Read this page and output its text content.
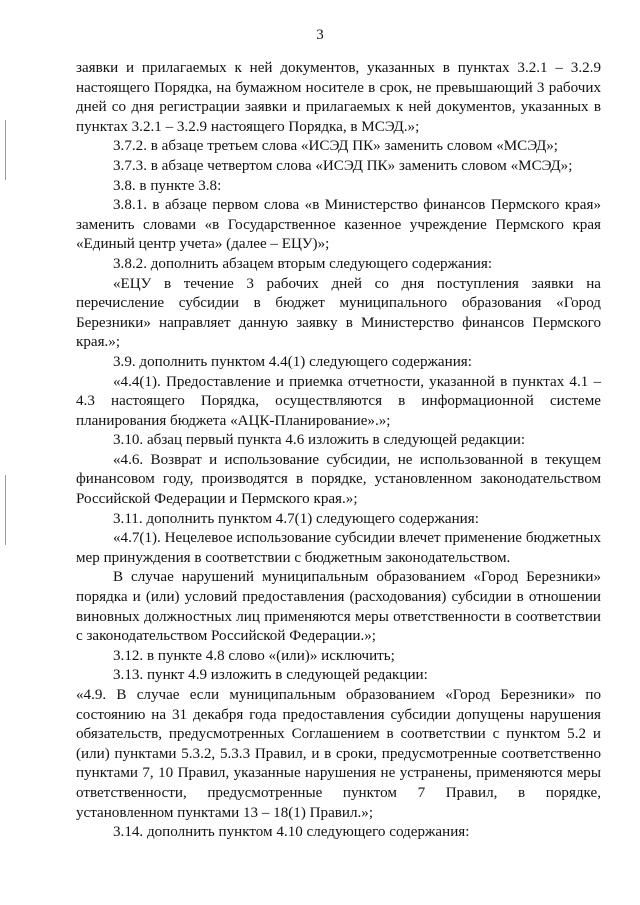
3

заявки и прилагаемых к ней документов, указанных в пунктах 3.2.1 – 3.2.9 настоящего Порядка, на бумажном носителе в срок, не превышающий 3 рабочих дней со дня регистрации заявки и прилагаемых к ней документов, указанных в пунктах 3.2.1 – 3.2.9 настоящего Порядка, в МСЭД.»;

3.7.2. в абзаце третьем слова «ИСЭД ПК» заменить словом «МСЭД»;

3.7.3. в абзаце четвертом слова «ИСЭД ПК» заменить словом «МСЭД»;

3.8. в пункте 3.8:

3.8.1. в абзаце первом слова «в Министерство финансов Пермского края» заменить словами «в Государственное казенное учреждение Пермского края «Единый центр учета» (далее – ЕЦУ)»;

3.8.2. дополнить абзацем вторым следующего содержания:

«ЕЦУ в течение 3 рабочих дней со дня поступления заявки на перечисление субсидии в бюджет муниципального образования «Город Березники» направляет данную заявку в Министерство финансов Пермского края.»;

3.9. дополнить пунктом 4.4(1) следующего содержания:

«4.4(1). Предоставление и приемка отчетности, указанной в пунктах 4.1 – 4.3 настоящего Порядка, осуществляются в информационной системе планирования бюджета «АЦК-Планирование».»;

3.10. абзац первый пункта 4.6 изложить в следующей редакции:

«4.6. Возврат и использование субсидии, не использованной в текущем финансовом году, производятся в порядке, установленном законодательством Российской Федерации и Пермского края.»;

3.11. дополнить пунктом 4.7(1) следующего содержания:

«4.7(1). Нецелевое использование субсидии влечет применение бюджетных мер принуждения в соответствии с бюджетным законодательством.

В случае нарушений муниципальным образованием «Город Березники» порядка и (или) условий предоставления (расходования) субсидии в отношении виновных должностных лиц применяются меры ответственности в соответствии с законодательством Российской Федерации.»;

3.12. в пункте 4.8 слово «(или)» исключить;

3.13. пункт 4.9 изложить в следующей редакции:

«4.9. В случае если муниципальным образованием «Город Березники» по состоянию на 31 декабря года предоставления субсидии допущены нарушения обязательств, предусмотренных Соглашением в соответствии с пунктом 5.2 и (или) пунктами 5.3.2, 5.3.3 Правил, и в сроки, предусмотренные соответственно пунктами 7, 10 Правил, указанные нарушения не устранены, применяются меры ответственности, предусмотренные пунктом 7 Правил, в порядке, установленном пунктами 13 – 18(1) Правил.»;

3.14. дополнить пунктом 4.10 следующего содержания:
